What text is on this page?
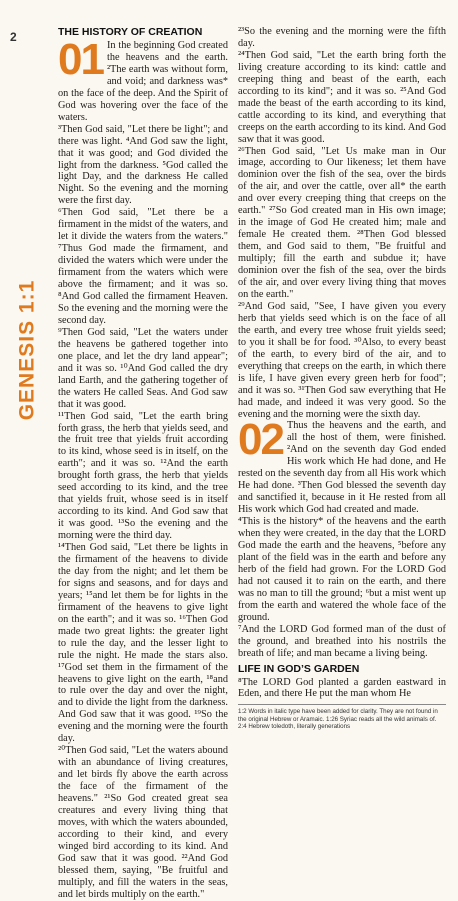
2
GENESIS 1:1
THE HISTORY OF CREATION
01 In the beginning God created the heavens and the earth. ²The earth was without form, and void; and darkness was* on the face of the deep. And the Spirit of God was hovering over the face of the waters.

³Then God said, "Let there be light"; and there was light. ⁴And God saw the light, that it was good; and God divided the light from the darkness. ⁵God called the light Day, and the darkness He called Night. So the evening and the morning were the first day.

⁶Then God said, "Let there be a firmament in the midst of the waters, and let it divide the waters from the waters." ⁷Thus God made the firmament, and divided the waters which were under the firmament from the waters which were above the firmament; and it was so. ⁸And God called the firmament Heaven. So the evening and the morning were the second day.

⁹Then God said, "Let the waters under the heavens be gathered together into one place, and let the dry land appear"; and it was so. ¹⁰And God called the dry land Earth, and the gathering together of the waters He called Seas. And God saw that it was good.

¹¹Then God said, "Let the earth bring forth grass, the herb that yields seed, and the fruit tree that yields fruit according to its kind, whose seed is in itself, on the earth"; and it was so. ¹²And the earth brought forth grass, the herb that yields seed according to its kind, and the tree that yields fruit, whose seed is in itself according to its kind. And God saw that it was good. ¹³So the evening and the morning were the third day.

¹⁴Then God said, "Let there be lights in the firmament of the heavens to divide the day from the night; and let them be for signs and seasons, and for days and years; ¹⁵and let them be for lights in the firmament of the heavens to give light on the earth"; and it was so. ¹⁶Then God made two great lights: the greater light to rule the day, and the lesser light to rule the night. He made the stars also. ¹⁷God set them in the firmament of the heavens to give light on the earth, ¹⁸and to rule over the day and over the night, and to divide the light from the darkness. And God saw that it was good. ¹⁹So the evening and the morning were the fourth day.

²⁰Then God said, "Let the waters abound with an abundance of living creatures, and let birds fly above the earth across the face of the firmament of the heavens." ²¹So God created great sea creatures and every living thing that moves, with which the waters abounded, according to their kind, and every winged bird according to its kind. And God saw that it was good. ²²And God blessed them, saying, "Be fruitful and multiply, and fill the waters in the seas, and let birds multiply on the earth."

²³So the evening and the morning were the fifth day.

²⁴Then God said, "Let the earth bring forth the living creature according to its kind: cattle and creeping thing and beast of the earth, each according to its kind"; and it was so. ²⁵And God made the beast of the earth according to its kind, cattle according to its kind, and everything that creeps on the earth according to its kind. And God saw that it was good.

²⁶Then God said, "Let Us make man in Our image, according to Our likeness; let them have dominion over the fish of the sea, over the birds of the air, and over the cattle, over all* the earth and over every creeping thing that creeps on the earth." ²⁷So God created man in His own image; in the image of God He created him; male and female He created them. ²⁸Then God blessed them, and God said to them, "Be fruitful and multiply; fill the earth and subdue it; have dominion over the fish of the sea, over the birds of the air, and over every living thing that moves on the earth."

²⁹And God said, "See, I have given you every herb that yields seed which is on the face of all the earth, and every tree whose fruit yields seed; to you it shall be for food. ³⁰Also, to every beast of the earth, to every bird of the air, and to everything that creeps on the earth, in which there is life, I have given every green herb for food"; and it was so. ³¹Then God saw everything that He had made, and indeed it was very good. So the evening and the morning were the sixth day.

02 Thus the heavens and the earth, and all the host of them, were finished. ²And on the seventh day God ended His work which He had done, and He rested on the seventh day from all His work which He had done. ³Then God blessed the seventh day and sanctified it, because in it He rested from all His work which God had created and made.

⁴This is the history* of the heavens and the earth when they were created, in the day that the LORD God made the earth and the heavens, ⁵before any plant of the field was in the earth and before any herb of the field had grown. For the LORD God had not caused it to rain on the earth, and there was no man to till the ground; ⁶but a mist went up from the earth and watered the whole face of the ground.

⁷And the LORD God formed man of the dust of the ground, and breathed into his nostrils the breath of life; and man became a living being.

LIFE IN GOD’S GARDEN

⁸The LORD God planted a garden eastward in Eden, and there He put the man whom He

1:2 Words in italic type have been added for clarity. They are not found in the original Hebrew or Aramaic. 1:26 Syriac reads all the wild animals of.

2:4 Hebrew toledoth, literally generations
